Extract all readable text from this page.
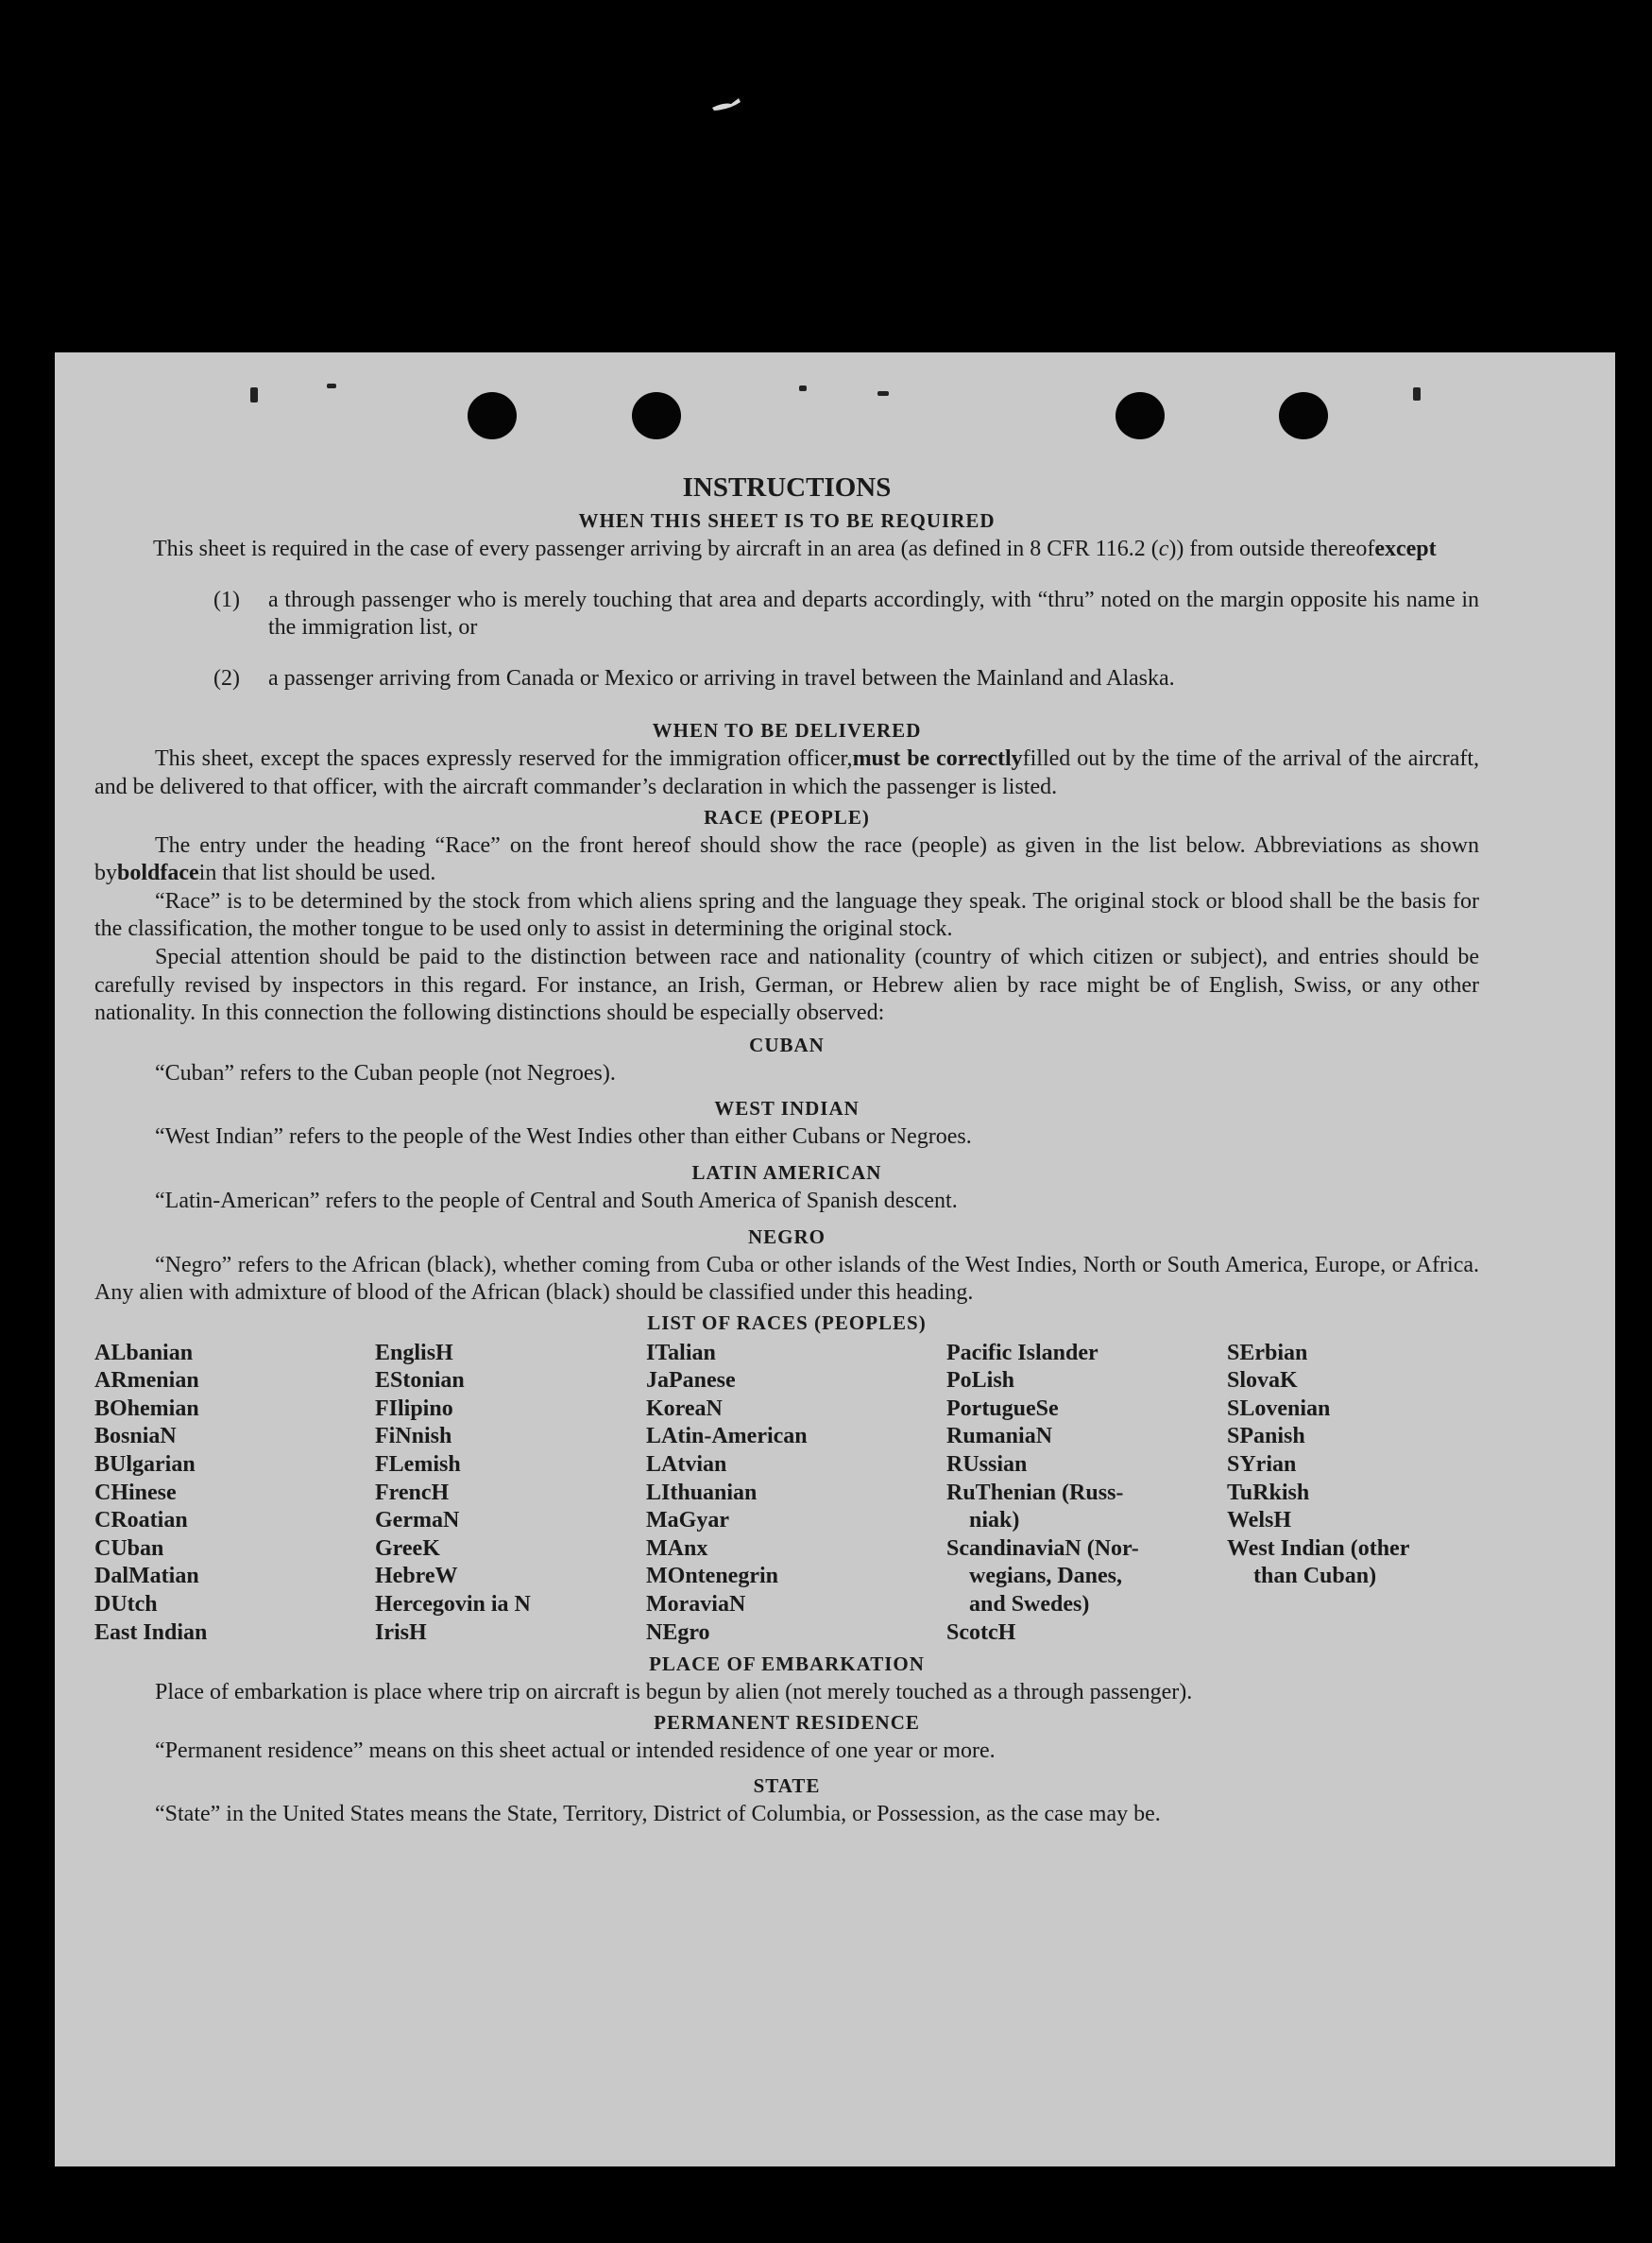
INSTRUCTIONS

WHEN THIS SHEET IS TO BE REQUIRED

This sheet is required in the case of every passenger arriving by aircraft in an area (as defined in 8 CFR 116.2 (c)) from outside thereofexcept

(1) a through passenger who is merely touching that area and departs accordingly, with “thru” noted on the margin opposite his name in the immigration list, or

(2) a passenger arriving from Canada or Mexico or arriving in travel between the Mainland and Alaska.

WHEN TO BE DELIVERED

This sheet, except the spaces expressly reserved for the immigration officer,must be correctlyfilled out by the time of the arrival of the aircraft, and be delivered to that officer, with the aircraft commander’s declaration in which the passenger is listed.

RACE (PEOPLE)

The entry under the heading “Race” on the front hereof should show the race (people) as given in the list below. Abbreviations as shown byboldfacein that list should be used.

“Race” is to be determined by the stock from which aliens spring and the language they speak. The original stock or blood shall be the basis for the classification, the mother tongue to be used only to assist in determining the original stock.

Special attention should be paid to the distinction between race and nationality (country of which citizen or subject), and entries should be carefully revised by inspectors in this regard. For instance, an Irish, German, or Hebrew alien by race might be of English, Swiss, or any other nationality. In this connection the following distinctions should be especially observed:

CUBAN

“Cuban” refers to the Cuban people (not Negroes).

WEST INDIAN

“West Indian” refers to the people of the West Indies other than either Cubans or Negroes.

LATIN AMERICAN

“Latin-American” refers to the people of Central and South America of Spanish descent.

NEGRO

“Negro” refers to the African (black), whether coming from Cuba or other islands of the West Indies, North or South America, Europe, or Africa. Any alien with admixture of blood of the African (black) should be classified under this heading.

LIST OF RACES (PEOPLES)

ALbanian
ARmenian
BOhemian
BosniaN
BUlgarian
CHinese
CRoatian
CUban
DalMatian
DUtch
East Indian
EnglisH
EStonian
FIlipino
FiNnish
FLemish
FrencH
GermaN
GreeK
HebreW
Hercegovin ia N
IrisH
ITalian
JaPanese
KoreaN
LAtin-American
LAtvian
LIthuanian
MaGyar
MAnx
MOntenegrin
MoraviaN
NEgro
Pacific Islander
PoLish
PortugueSe
RumaniaN
RUssian
RuThenian (Russ-
niak)
ScandinaviaN (Nor-
wegians, Danes,
and Swedes)
ScotcH
SErbian
SlovaK
SLovenian
SPanish
SYrian
TuRkish
WelsH
West Indian (other
than Cuban)

PLACE OF EMBARKATION

Place of embarkation is place where trip on aircraft is begun by alien (not merely touched as a through passenger).

PERMANENT RESIDENCE

“Permanent residence” means on this sheet actual or intended residence of one year or more.

STATE

“State” in the United States means the State, Territory, District of Columbia, or Possession, as the case may be.
